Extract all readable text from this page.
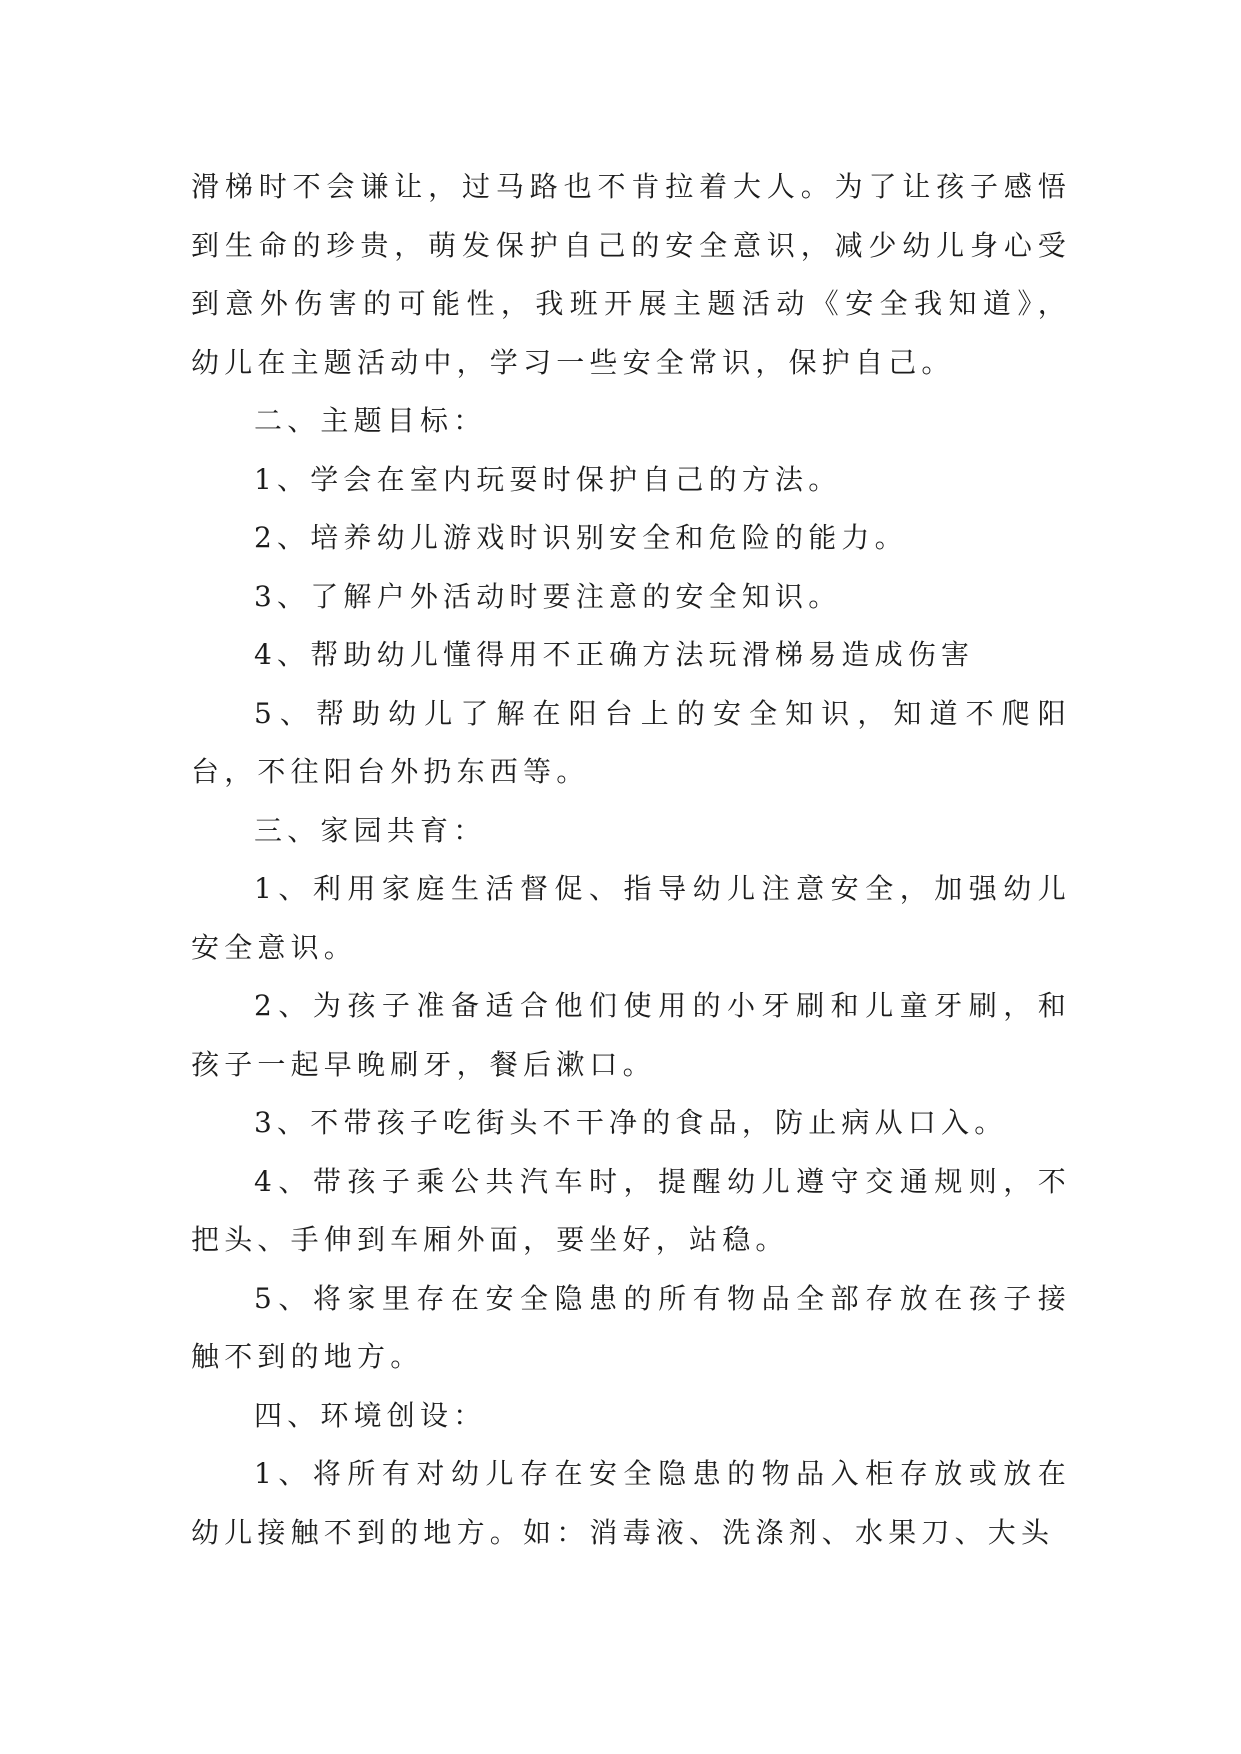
滑梯时不会谦让，过马路也不肯拉着大人。为了让孩子感悟到生命的珍贵，萌发保护自己的安全意识，减少幼儿身心受到意外伤害的可能性，我班开展主题活动《安全我知道》，幼儿在主题活动中，学习一些安全常识，保护自己。

二、主题目标：

1、学会在室内玩耍时保护自己的方法。

2、培养幼儿游戏时识别安全和危险的能力。

3、了解户外活动时要注意的安全知识。

4、帮助幼儿懂得用不正确方法玩滑梯易造成伤害

5、帮助幼儿了解在阳台上的安全知识，知道不爬阳台，不往阳台外扔东西等。

三、家园共育：

1、利用家庭生活督促、指导幼儿注意安全，加强幼儿安全意识。

2、为孩子准备适合他们使用的小牙刷和儿童牙刷，和孩子一起早晚刷牙，餐后漱口。

3、不带孩子吃街头不干净的食品，防止病从口入。

4、带孩子乘公共汽车时，提醒幼儿遵守交通规则，不把头、手伸到车厢外面，要坐好，站稳。

5、将家里存在安全隐患的所有物品全部存放在孩子接触不到的地方。

四、环境创设：

1、将所有对幼儿存在安全隐患的物品入柜存放或放在幼儿接触不到的地方。如：消毒液、洗涤剂、水果刀、大头
